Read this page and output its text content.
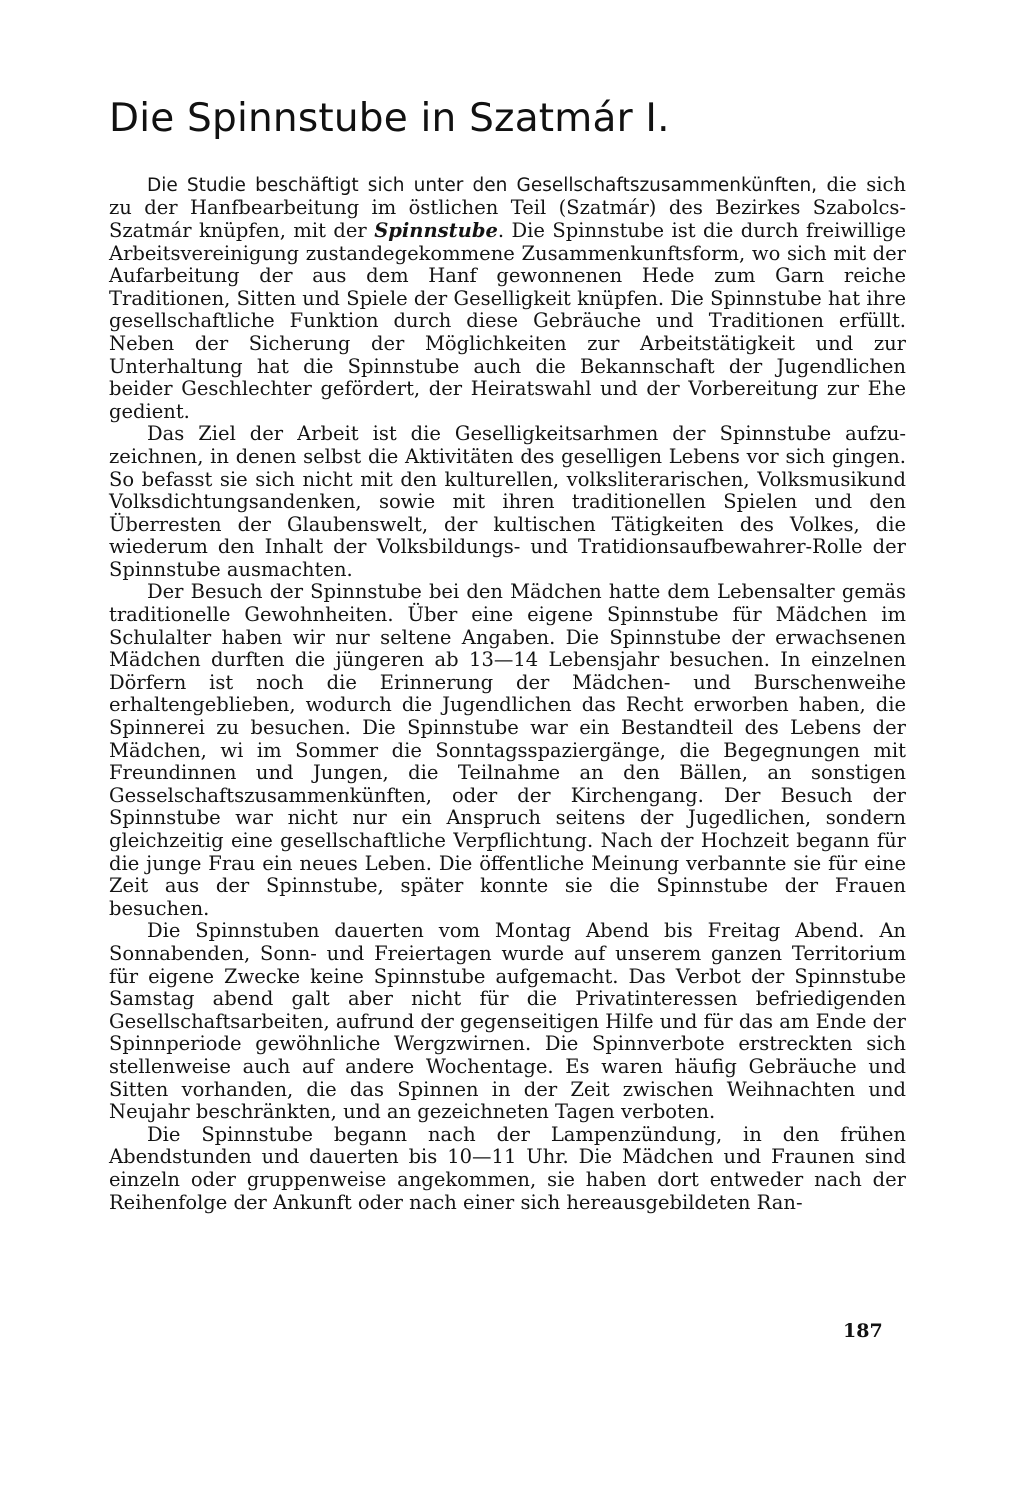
Die Spinnstube in Szatmár I.

Die Studie beschäftigt sich unter den Gesellschaftszusammenkünften, die sich zu der Hanfbearbeitung im östlichen Teil (Szatmár) des Bezirkes Szabolcs-Szatmár knüpfen, mit der Spinnstube. Die Spinnstube ist die durch freiwillige Arbeitsvereinigung zustandegekommene Zusammenkunftsform, wo sich mit der Aufarbeitung der aus dem Hanf gewonnenen Hede zum Garn reiche Traditionen, Sitten und Spiele der Geselligkeit knüpfen. Die Spinnstube hat ihre gesellschaftliche Funktion durch diese Gebräuche und Traditionen erfüllt. Neben der Sicherung der Möglichkeiten zur Arbeitstätigkeit und zur Unterhaltung hat die Spinnstube auch die Bekannschaft der Jugendlichen beider Geschlechter gefördert, der Heiratswahl und der Vorbereitung zur Ehe gedient.

Das Ziel der Arbeit ist die Geselligkeitsarhmen der Spinnstube aufzuzeichnen, in denen selbst die Aktivitäten des geselligen Lebens vor sich gingen. So befasst sie sich nicht mit den kulturellen, volksliterarischen, Volksmusikund Volksdichtungsandenken, sowie mit ihren traditionellen Spielen und den Überresten der Glaubenswelt, der kultischen Tätigkeiten des Volkes, die wiederum den Inhalt der Volksbildungs- und Tratidionsaufbewahrer-Rolle der Spinnstube ausmachten.

Der Besuch der Spinnstube bei den Mädchen hatte dem Lebensalter gemäs traditionelle Gewohnheiten. Über eine eigene Spinnstube für Mädchen im Schulalter haben wir nur seltene Angaben. Die Spinnstube der erwachsenen Mädchen durften die jüngeren ab 13—14 Lebensjahr besuchen. In einzelnen Dörfern ist noch die Erinnerung der Mädchen- und Burschenweihe erhaltengeblieben, wodurch die Jugendlichen das Recht erworben haben, die Spinnerei zu besuchen. Die Spinnstube war ein Bestandteil des Lebens der Mädchen, wi im Sommer die Sonntagsspaziergänge, die Begegnungen mit Freundinnen und Jungen, die Teilnahme an den Bällen, an sonstigen Gesselschaftszusammenkünften, oder der Kirchengang. Der Besuch der Spinnstube war nicht nur ein Anspruch seitens der Jugedlichen, sondern gleichzeitig eine gesellschaftliche Verpflichtung. Nach der Hochzeit begann für die junge Frau ein neues Leben. Die öffentliche Meinung verbannte sie für eine Zeit aus der Spinnstube, später konnte sie die Spinnstube der Frauen besuchen.

Die Spinnstuben dauerten vom Montag Abend bis Freitag Abend. An Sonnabenden, Sonn- und Freiertagen wurde auf unserem ganzen Territorium für eigene Zwecke keine Spinnstube aufgemacht. Das Verbot der Spinnstube Samstag abend galt aber nicht für die Privatinteressen befriedigenden Gesellschaftsarbeiten, aufrund der gegenseitigen Hilfe und für das am Ende der Spinnperiode gewöhnliche Wergzwirnen. Die Spinnverbote erstreckten sich stellenweise auch auf andere Wochentage. Es waren häufig Gebräuche und Sitten vorhanden, die das Spinnen in der Zeit zwischen Weihnachten und Neujahr beschränkten, und an gezeichneten Tagen verboten.

Die Spinnstube begann nach der Lampenzündung, in den frühen Abendstunden und dauerten bis 10—11 Uhr. Die Mädchen und Fraunen sind einzeln oder gruppenweise angekommen, sie haben dort entweder nach der Reihenfolge der Ankunft oder nach einer sich hereausgebildeten Ran-

187
